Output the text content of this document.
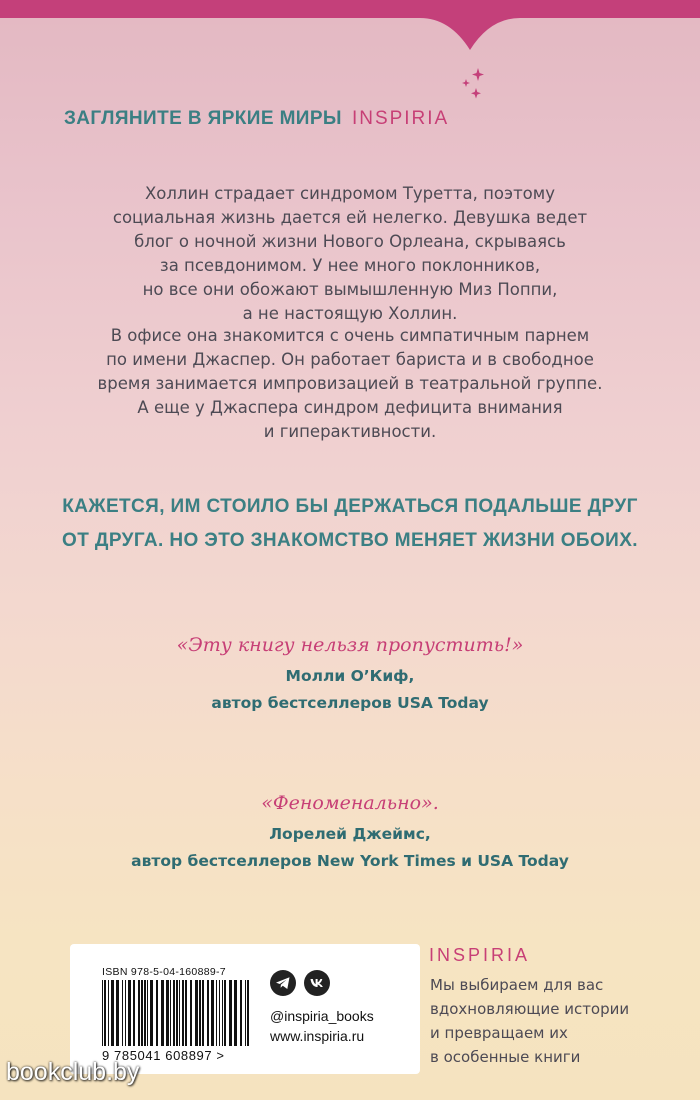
ЗАГЛЯНИТЕ В ЯРКИЕ МИРЫ INSPIRIA

Холлин страдает синдромом Туретта, поэтому
социальная жизнь дается ей нелегко. Девушка ведет
блог о ночной жизни Нового Орлеана, скрываясь
за псевдонимом. У нее много поклонников,
но все они обожают вымышленную Миз Поппи,
а не настоящую Холлин.

В офисе она знакомится с очень симпатичным парнем
по имени Джаспер. Он работает бариста и в свободное
время занимается импровизацией в театральной группе.
А еще у Джаспера синдром дефицита внимания
и гиперактивности.

КАЖЕТСЯ, ИМ СТОИЛО БЫ ДЕРЖАТЬСЯ ПОДАЛЬШЕ ДРУГ
ОТ ДРУГА. НО ЭТО ЗНАКОМСТВО МЕНЯЕТ ЖИЗНИ ОБОИХ.

«Эту книгу нельзя пропустить!»

Молли О’Киф,
автор бестселлеров USA Today

«Феноменально».

Лорелей Джеймс,
автор бестселлеров New York Times и USA Today

ISBN 978-5-04-160889-7

9 785041 608897 >

@inspiria_books

www.inspiria.ru

INSPIRIA

Мы выбираем для вас
вдохновляющие истории
и превращаем их
в особенные книги

bookclub.by
